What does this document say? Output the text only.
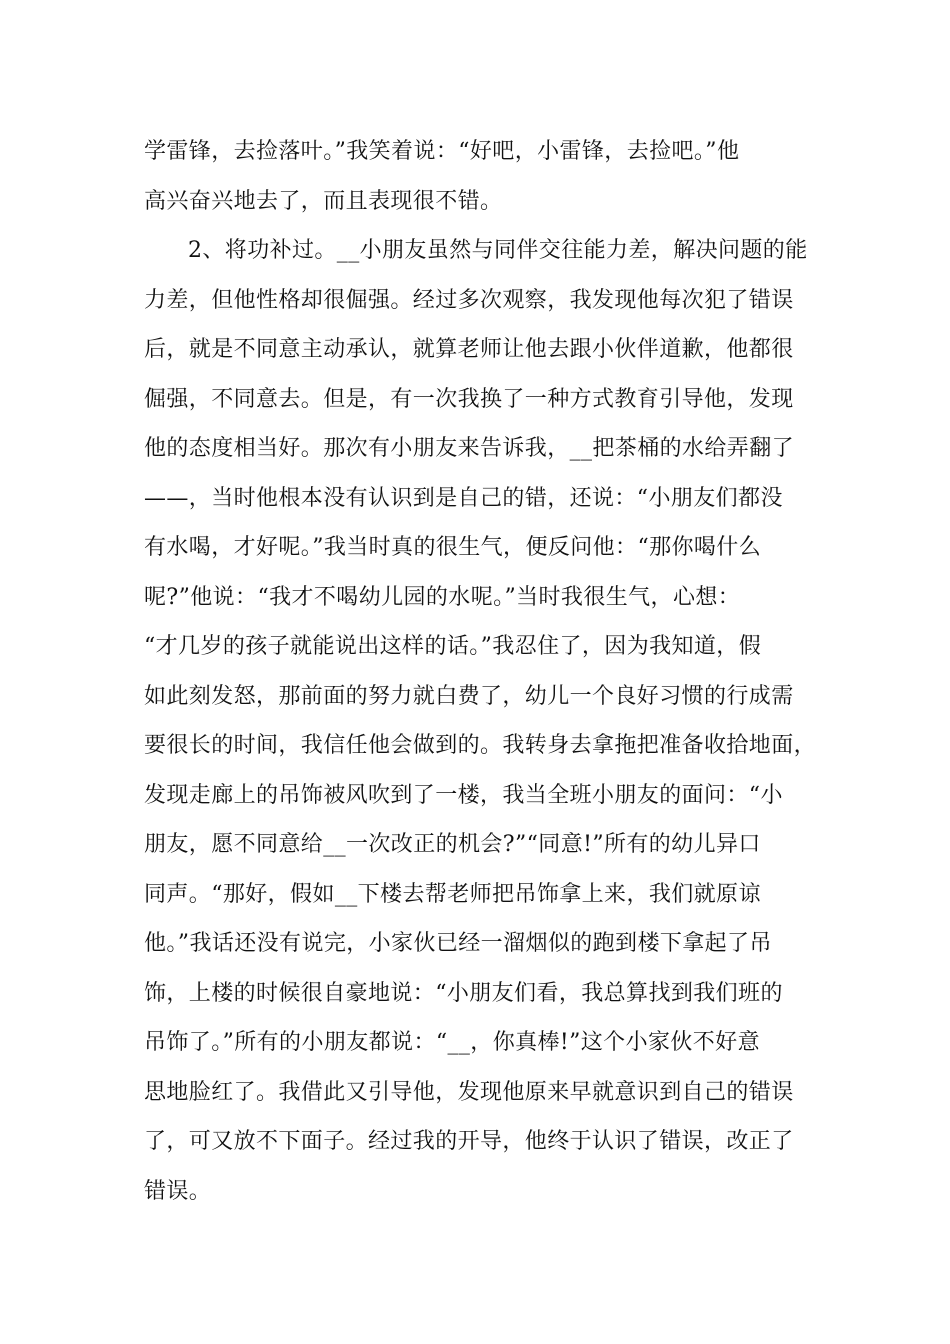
学雷锋，去捡落叶。”我笑着说：“好吧，小雷锋，去捡吧。”他
高兴奋兴地去了，而且表现很不错。
2、将功补过。__小朋友虽然与同伴交往能力差，解决问题的能
力差，但他性格却很倔强。经过多次观察，我发现他每次犯了错误
后，就是不同意主动承认，就算老师让他去跟小伙伴道歉，他都很
倔强，不同意去。但是，有一次我换了一种方式教育引导他，发现
他的态度相当好。那次有小朋友来告诉我，__把茶桶的水给弄翻了
——，当时他根本没有认识到是自己的错，还说：“小朋友们都没
有水喝，才好呢。”我当时真的很生气，便反问他：“那你喝什么
呢?”他说：“我才不喝幼儿园的水呢。”当时我很生气，心想：
“才几岁的孩子就能说出这样的话。”我忍住了，因为我知道，假
如此刻发怒，那前面的努力就白费了，幼儿一个良好习惯的行成需
要很长的时间，我信任他会做到的。我转身去拿拖把准备收拾地面，
发现走廊上的吊饰被风吹到了一楼，我当全班小朋友的面问：“小
朋友，愿不同意给__一次改正的机会?”“同意!”所有的幼儿异口
同声。“那好，假如__下楼去帮老师把吊饰拿上来，我们就原谅
他。”我话还没有说完，小家伙已经一溜烟似的跑到楼下拿起了吊
饰，上楼的时候很自豪地说：“小朋友们看，我总算找到我们班的
吊饰了。”所有的小朋友都说：“__，你真棒!”这个小家伙不好意
思地脸红了。我借此又引导他，发现他原来早就意识到自己的错误
了，可又放不下面子。经过我的开导，他终于认识了错误，改正了
错误。
